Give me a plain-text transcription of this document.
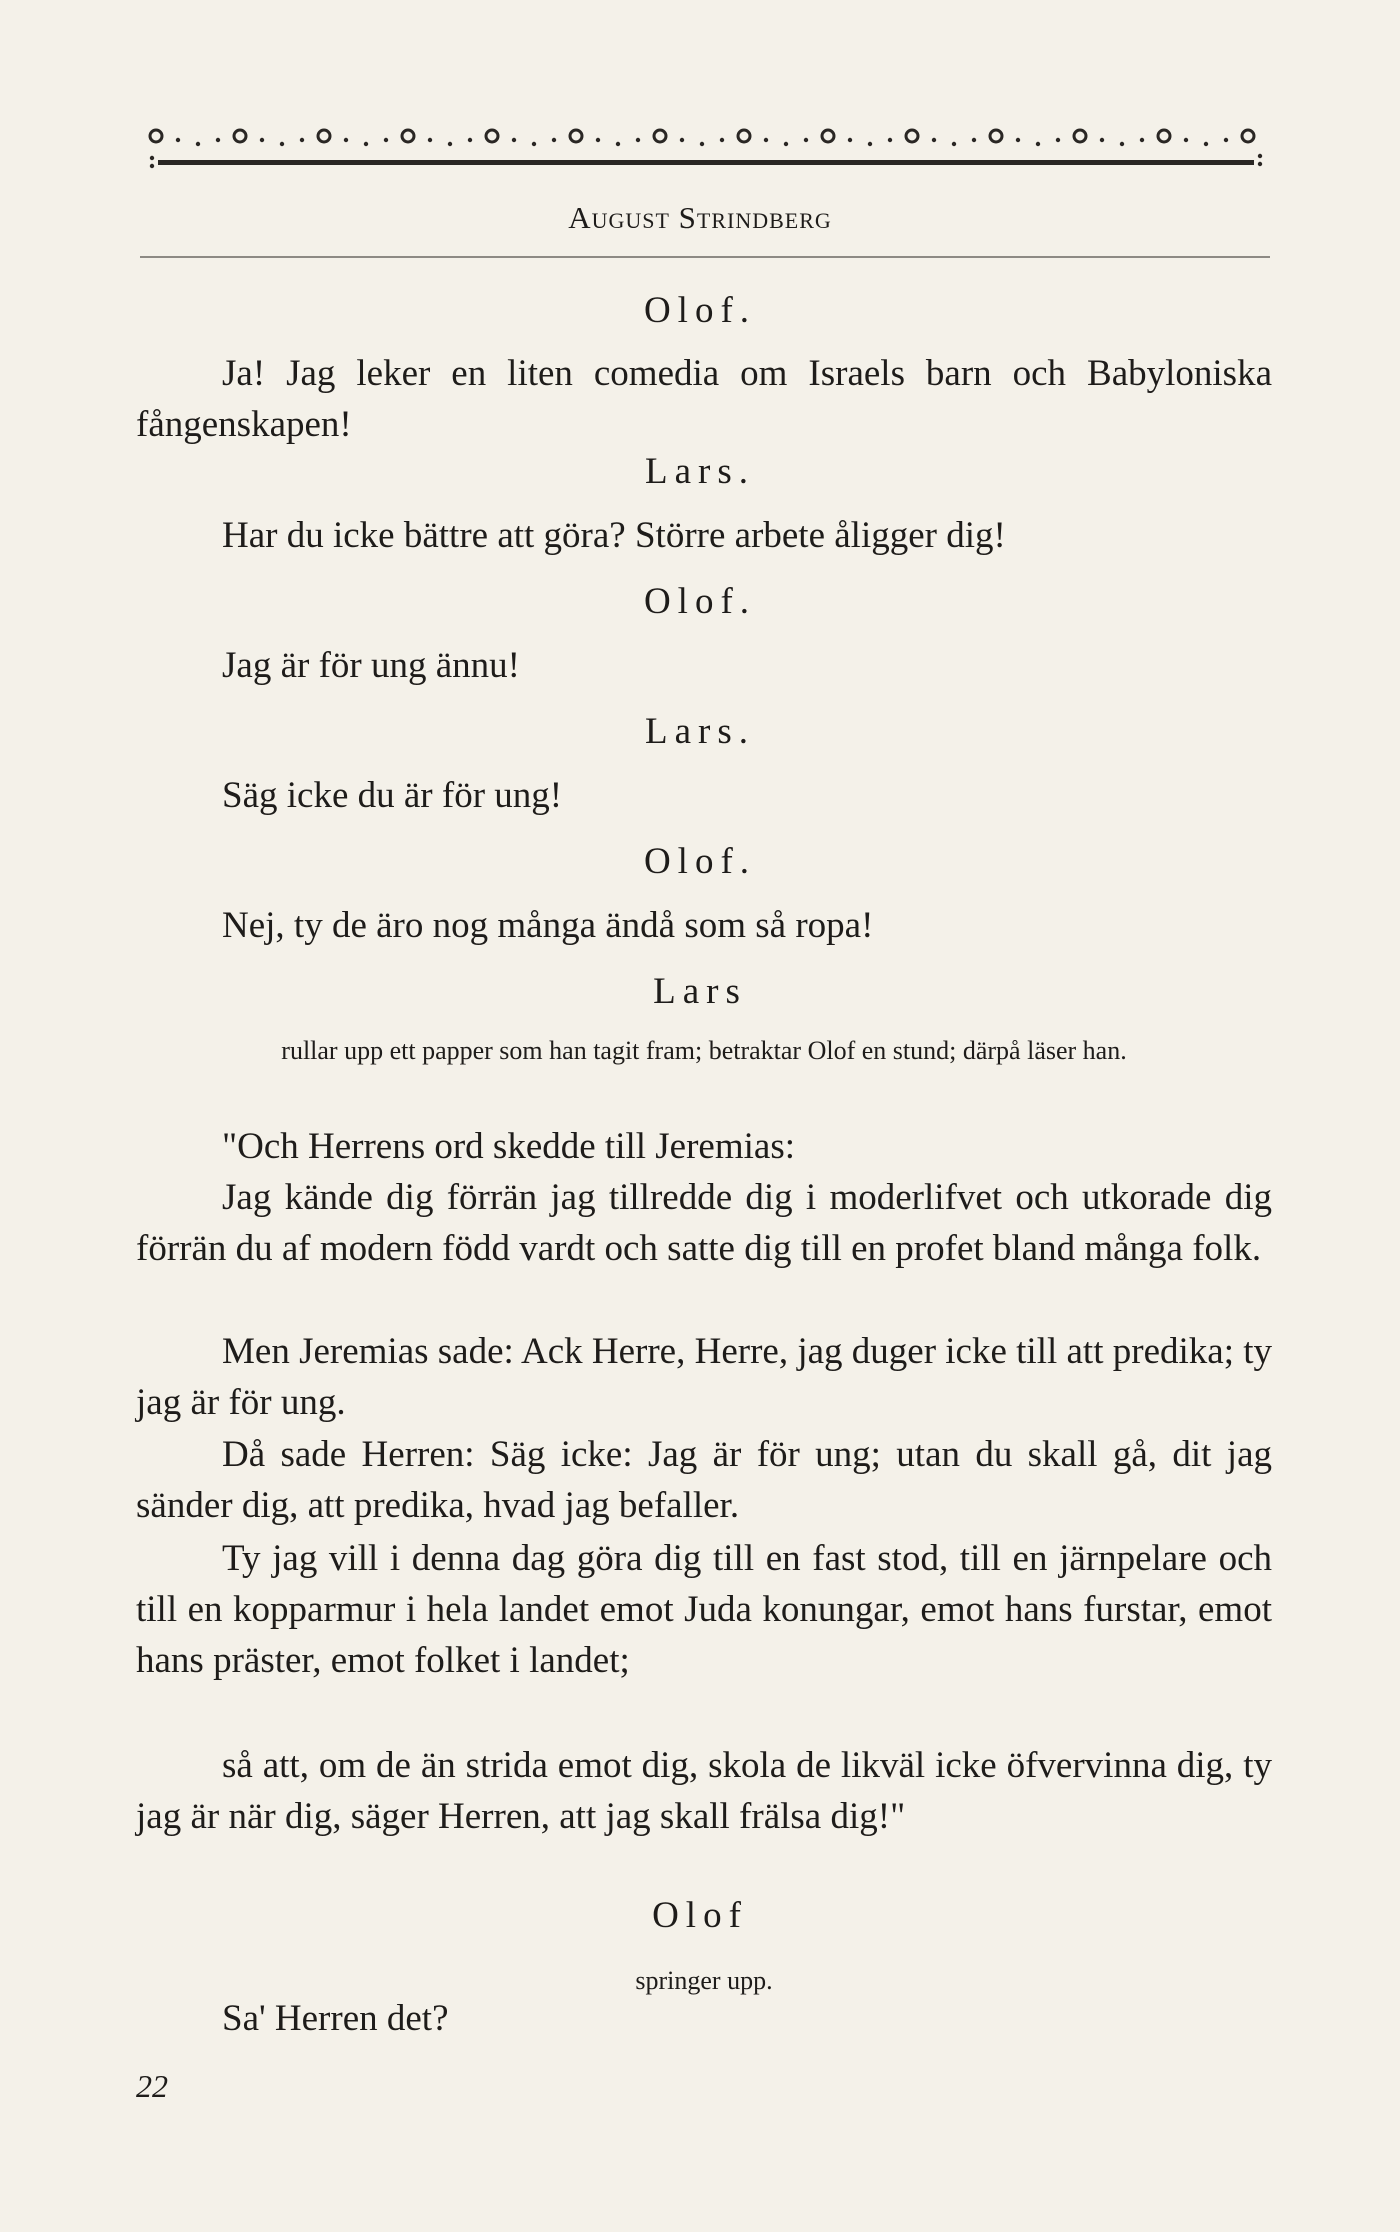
August Strindberg
Olof.
Ja! Jag leker en liten comedia om Israels barn och Babyloniska fångenskapen!
Lars.
Har du icke bättre att göra? Större arbete åligger dig!
Olof.
Jag är för ung ännu!
Lars.
Säg icke du är för ung!
Olof.
Nej, ty de äro nog många ändå som så ropa!
Lars
rullar upp ett papper som han tagit fram; betraktar Olof en stund; därpå läser han.
"Och Herrens ord skedde till Jeremias:
Jag kände dig förrän jag tillredde dig i moderlifvet och utkorade dig förrän du af modern född vardt och satte dig till en profet bland många folk.
Men Jeremias sade: Ack Herre, Herre, jag duger icke till att predika; ty jag är för ung.
Då sade Herren: Säg icke: Jag är för ung; utan du skall gå, dit jag sänder dig, att predika, hvad jag befaller.
Ty jag vill i denna dag göra dig till en fast stod, till en järnpelare och till en kopparmur i hela landet emot Juda konungar, emot hans furstar, emot hans präster, emot folket i landet;
så att, om de än strida emot dig, skola de likväl icke öfvervinna dig, ty jag är när dig, säger Herren, att jag skall frälsa dig!"
Olof
springer upp.
Sa' Herren det?
22
